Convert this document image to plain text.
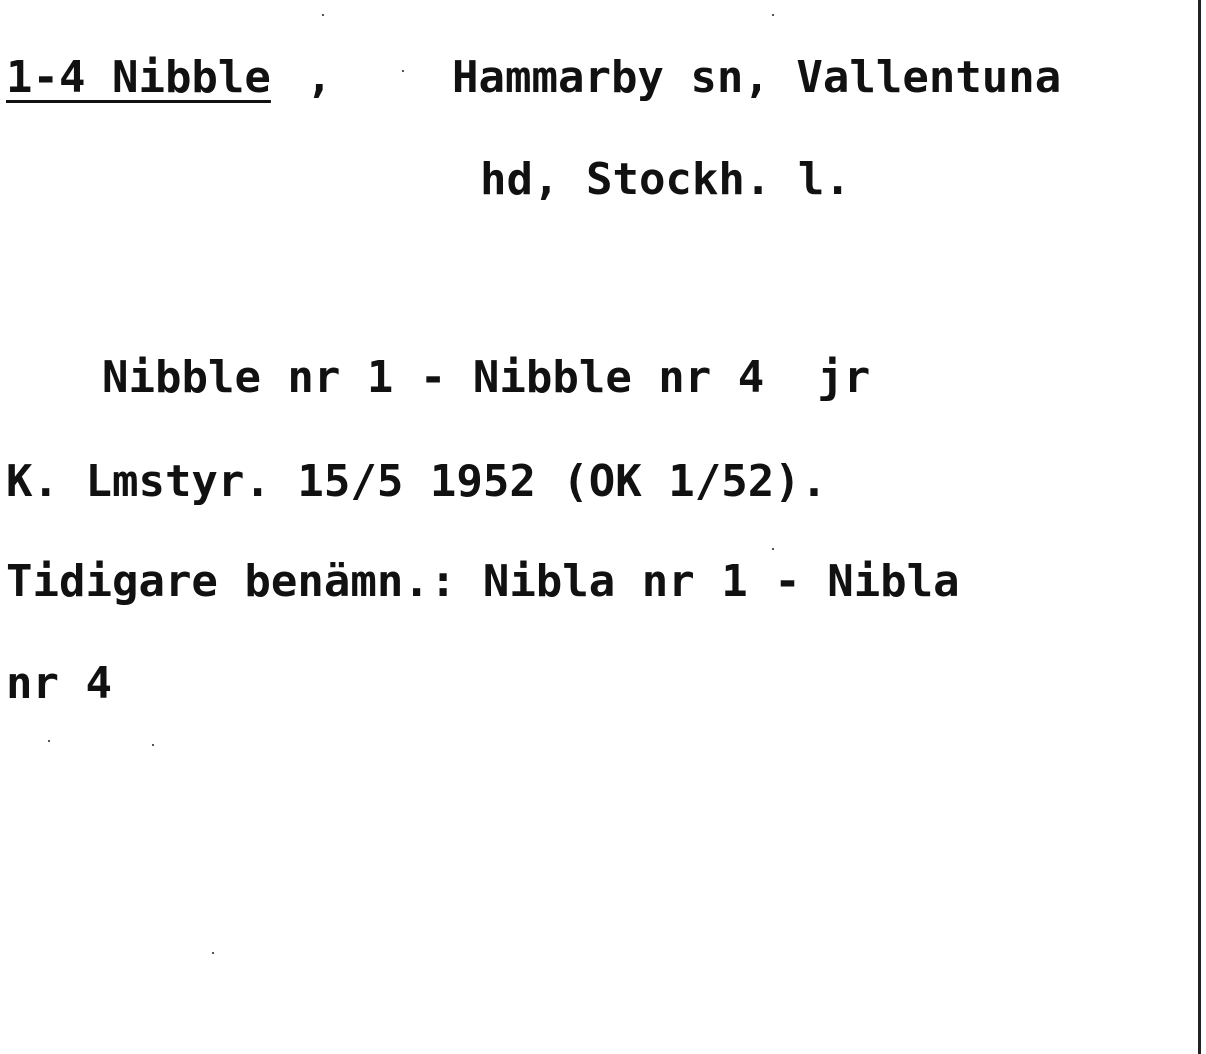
1-4 Nibble ,	Hammarby sn, Vallentuna
hd, Stockh. l.
Nibble nr 1 - Nibble nr 4  jr
K. Lmstyr. 15/5 1952 (OK 1/52).
Tidigare benämn.: Nibla nr 1 - Nibla
nr 4
